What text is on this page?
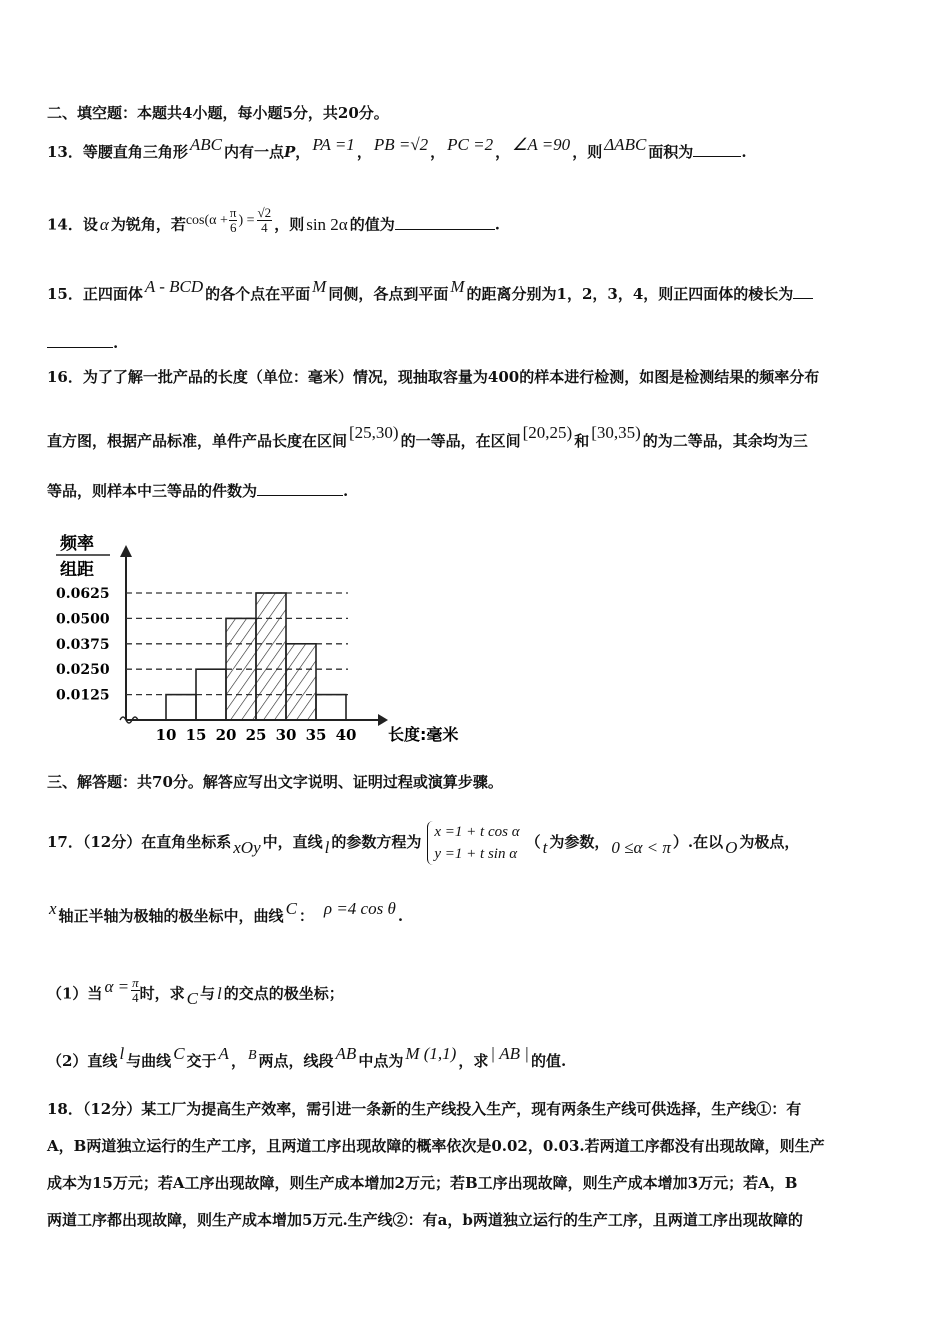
二、填空题：本题共4小题，每小题5分，共20分。
13．等腰直角三角形 ABC 内有一点P， PA =1 ， PB =√2 ， PC =2 ， ∠A =90 ，则 ΔABC 面积为	.
14．设 α 为锐角，若$\cos(\alpha + \frac{\pi}{6}$ ) = $\frac{√2}{4}$ ，则 sin 2α 的值为	.
15．正四面体 A - BCD 的各个点在平面 M 同侧，各点到平面 M 的距离分别为1，2，3，4，则正四面体的棱长为
.
16．为了了解一批产品的长度（单位：毫米）情况，现抽取容量为400的样本进行检测，如图是检测结果的频率分布
直方图，根据产品标准，单件产品长度在区间 [25,30) 的一等品，在区间 [20,25) 和 [30,35) 的为二等品，其余均为三
等品，则样本中三等品的件数为	.
频率
组距
0.0625
0.0500
0.0375
0.0250
0.0125
10 15 20 25 30 35 40 长度:毫米
三、解答题：共70分。解答应写出文字说明、证明过程或演算步骤。
17．（12分）在直角坐标系 xOy 中，直线 l 的参数方程为
x =1 + t cos α
y =1 + t sin α
（ t 为参数， 0 ≤α < π ）.在以 O 为极点，
x 轴正半轴为极轴的极坐标中，曲线 C ： ρ =4 cos θ .
（1）当 $\alpha = \frac{\pi}{4}$ 时，求 C 与 l 的交点的极坐标；
（2）直线 l 与曲线 C 交于 A ， B 两点，线段 AB 中点为 M (1,1) ，求 | AB | 的值.
18．（12分）某工厂为提高生产效率，需引进一条新的生产线投入生产，现有两条生产线可供选择，生产线①：有
A，B两道独立运行的生产工序，且两道工序出现故障的概率依次是0.02，0.03.若两道工序都没有出现故障，则生产
成本为15万元；若A工序出现故障，则生产成本增加2万元；若B工序出现故障，则生产成本增加3万元；若A，B
两道工序都出现故障，则生产成本增加5万元.生产线②：有a，b两道独立运行的生产工序，且两道工序出现故障的
